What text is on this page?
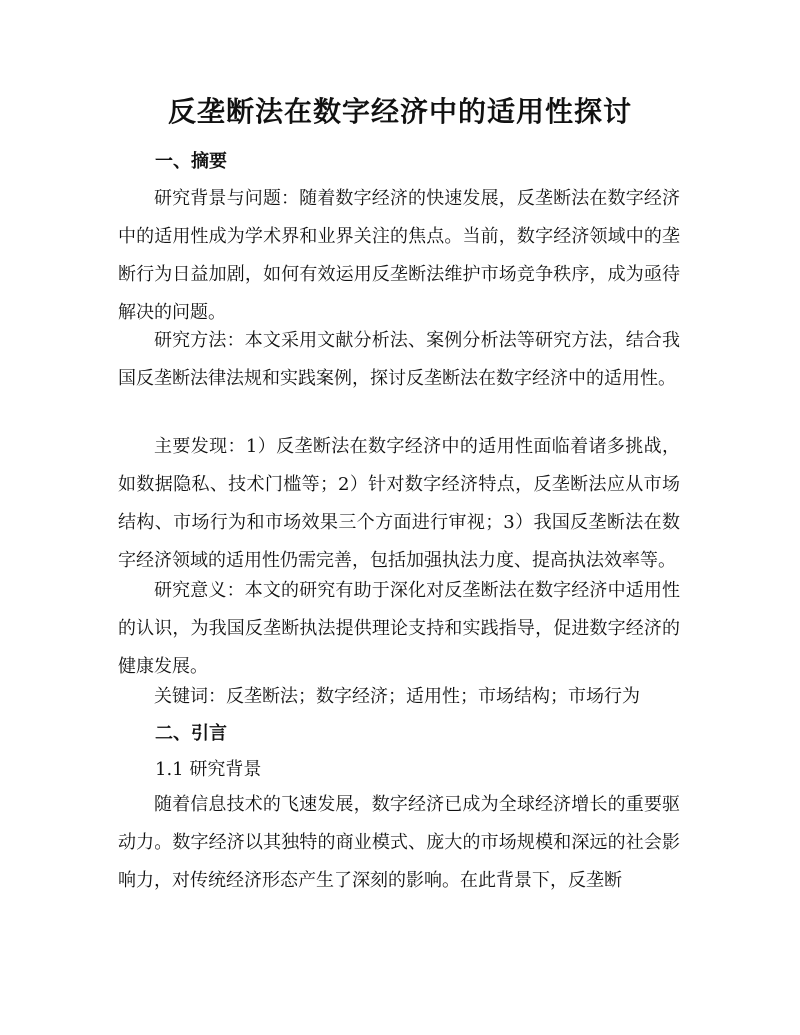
反垄断法在数字经济中的适用性探讨
一、摘要

研究背景与问题：随着数字经济的快速发展，反垄断法在数字经济中的适用性成为学术界和业界关注的焦点。当前，数字经济领域中的垄断行为日益加剧，如何有效运用反垄断法维护市场竞争秩序，成为亟待解决的问题。

研究方法：本文采用文献分析法、案例分析法等研究方法，结合我国反垄断法律法规和实践案例，探讨反垄断法在数字经济中的适用性。

主要发现：1）反垄断法在数字经济中的适用性面临着诸多挑战，如数据隐私、技术门槛等；2）针对数字经济特点，反垄断法应从市场结构、市场行为和市场效果三个方面进行审视；3）我国反垄断法在数字经济领域的适用性仍需完善，包括加强执法力度、提高执法效率等。

研究意义：本文的研究有助于深化对反垄断法在数字经济中适用性的认识，为我国反垄断执法提供理论支持和实践指导，促进数字经济的健康发展。

关键词：反垄断法；数字经济；适用性；市场结构；市场行为

二、引言
1.1 研究背景

随着信息技术的飞速发展，数字经济已成为全球经济增长的重要驱动力。数字经济以其独特的商业模式、庞大的市场规模和深远的社会影响力，对传统经济形态产生了深刻的影响。在此背景下，反垄断
